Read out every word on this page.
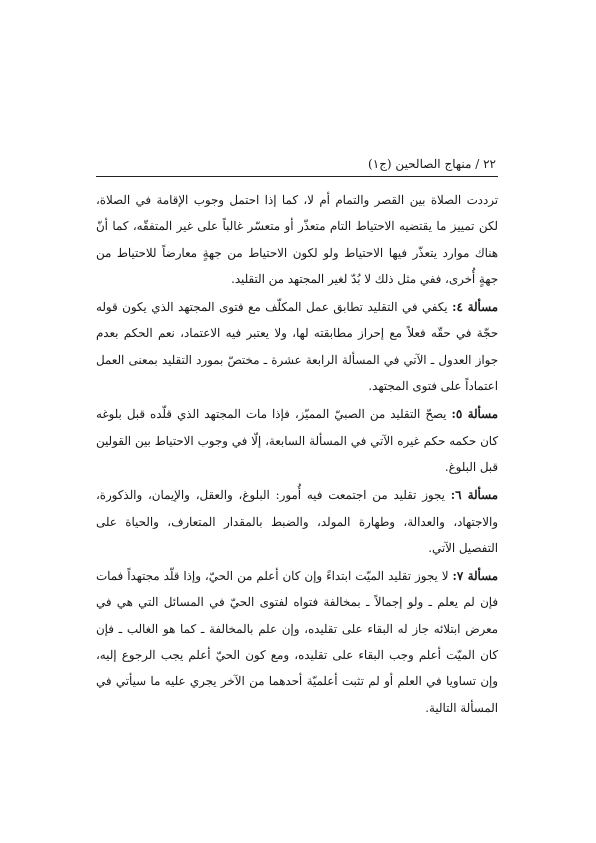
٢٢ / منهاج الصالحين (ج١)

ترددت الصلاة بين القصر والتمام أم لا، كما إذا احتمل وجوب الإقامة في الصلاة، لكن تمييز ما يقتضيه الاحتياط التام متعذّر أو متعسّر غالباً على غير المتفقّه، كما أنّ هناك موارد يتعذّر فيها الاحتياط ولو لكون الاحتياط من جهةٍ معارضاً للاحتياط من جهةٍ أُخرى، ففي مثل ذلك لا بُدّ لغير المجتهد من التقليد.

مسألة ٤: يكفي في التقليد تطابق عمل المكلّف مع فتوى المجتهد الذي يكون قوله حجّة في حقّه فعلاً مع إحراز مطابقته لها، ولا يعتبر فيه الاعتماد، نعم الحكم بعدم جواز العدول ـ الآتي في المسألة الرابعة عشرة ـ مختصّ بمورد التقليد بمعنى العمل اعتماداً على فتوى المجتهد.

مسألة ٥: يصحّ التقليد من الصبيّ المميّز، فإذا مات المجتهد الذي قلّده قبل بلوغه كان حكمه حكم غيره الآتي في المسألة السابعة، إلّا في وجوب الاحتياط بين القولين قبل البلوغ.

مسألة ٦: يجوز تقليد من اجتمعت فيه أُمور: البلوغ، والعقل، والإيمان، والذكورة، والاجتهاد، والعدالة، وطهارة المولد، والضبط بالمقدار المتعارف، والحياة على التفصيل الآتي.

مسألة ٧: لا يجوز تقليد الميّت ابتداءً وإن كان أعلم من الحيّ، وإذا قلّد مجتهداً فمات فإن لم يعلم ـ ولو إجمالاً ـ بمخالفة فتواه لفتوى الحيّ في المسائل التي هي في معرض ابتلائه جاز له البقاء على تقليده، وإن علم بالمخالفة ـ كما هو الغالب ـ فإن كان الميّت أعلم وجب البقاء على تقليده، ومع كون الحيّ أعلم يجب الرجوع إليه، وإن تساويا في العلم أو لم تثبت أعلميّة أحدهما من الآخر يجري عليه ما سيأتي في المسألة التالية.
